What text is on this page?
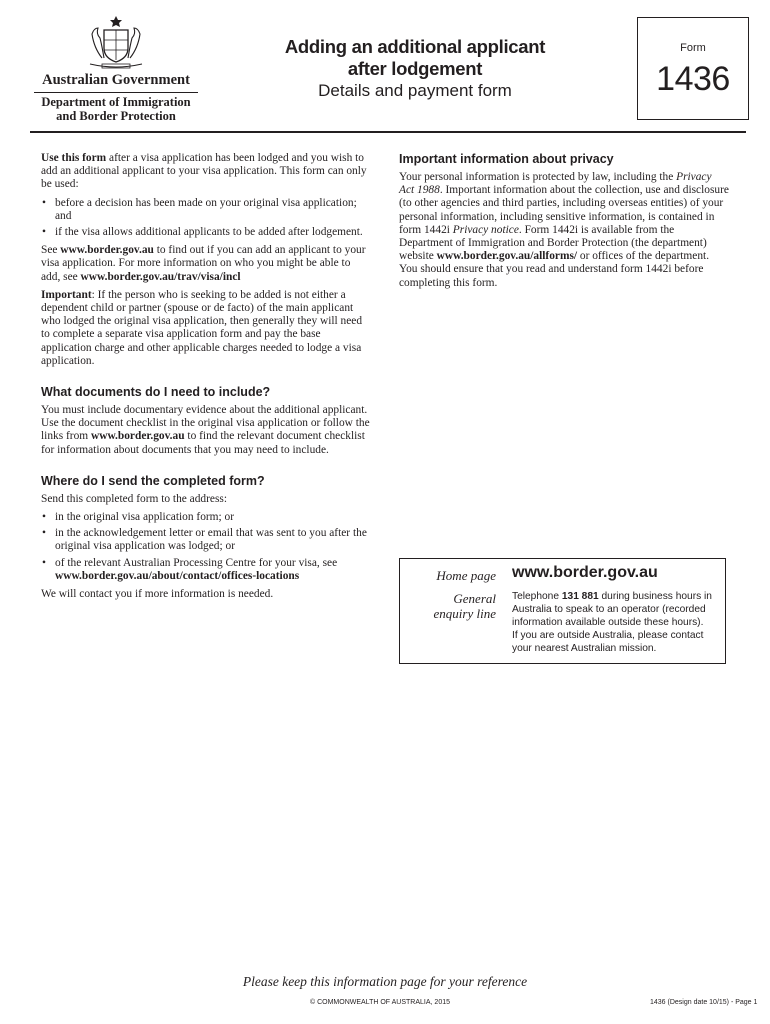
Australian Government
Department of Immigration
and Border Protection
Adding an additional applicant
after lodgement
Details and payment form
Form
1436

Use this form after a visa application has been lodged and you wish to add an additional applicant to your visa application. This form can only be used:

• before a decision has been made on your original visa application; and
• if the visa allows additional applicants to be added after lodgement.

See www.border.gov.au to find out if you can add an applicant to your visa application. For more information on who you might be able to add, see www.border.gov.au/trav/visa/incl

Important: If the person who is seeking to be added is not either a dependent child or partner (spouse or de facto) of the main applicant who lodged the original visa application, then generally they will need to complete a separate visa application form and pay the base application charge and other applicable charges needed to lodge a visa application.

What documents do I need to include?

You must include documentary evidence about the additional applicant. Use the document checklist in the original visa application or follow the links from www.border.gov.au to find the relevant document checklist for information about documents that you may need to include.

Where do I send the completed form?

Send this completed form to the address:

• in the original visa application form; or
• in the acknowledgement letter or email that was sent to you after the original visa application was lodged; or
• of the relevant Australian Processing Centre for your visa, see
www.border.gov.au/about/contact/offices-locations

We will contact you if more information is needed.

Important information about privacy

Your personal information is protected by law, including the Privacy Act 1988. Important information about the collection, use and disclosure (to other agencies and third parties, including overseas entities) of your personal information, including sensitive information, is contained in form 1442i Privacy notice. Form 1442i is available from the Department of Immigration and Border Protection (the department) website www.border.gov.au/allforms/ or offices of the department. You should ensure that you read and understand form 1442i before completing this form.

Home page
General
enquiry line
www.border.gov.au
Telephone 131 881 during business hours in Australia to speak to an operator (recorded information available outside these hours).
If you are outside Australia, please contact your nearest Australian mission.
Please keep this information page for your reference
© COMMONWEALTH OF AUSTRALIA, 2015	1436 (Design date 10/15) - Page 1
